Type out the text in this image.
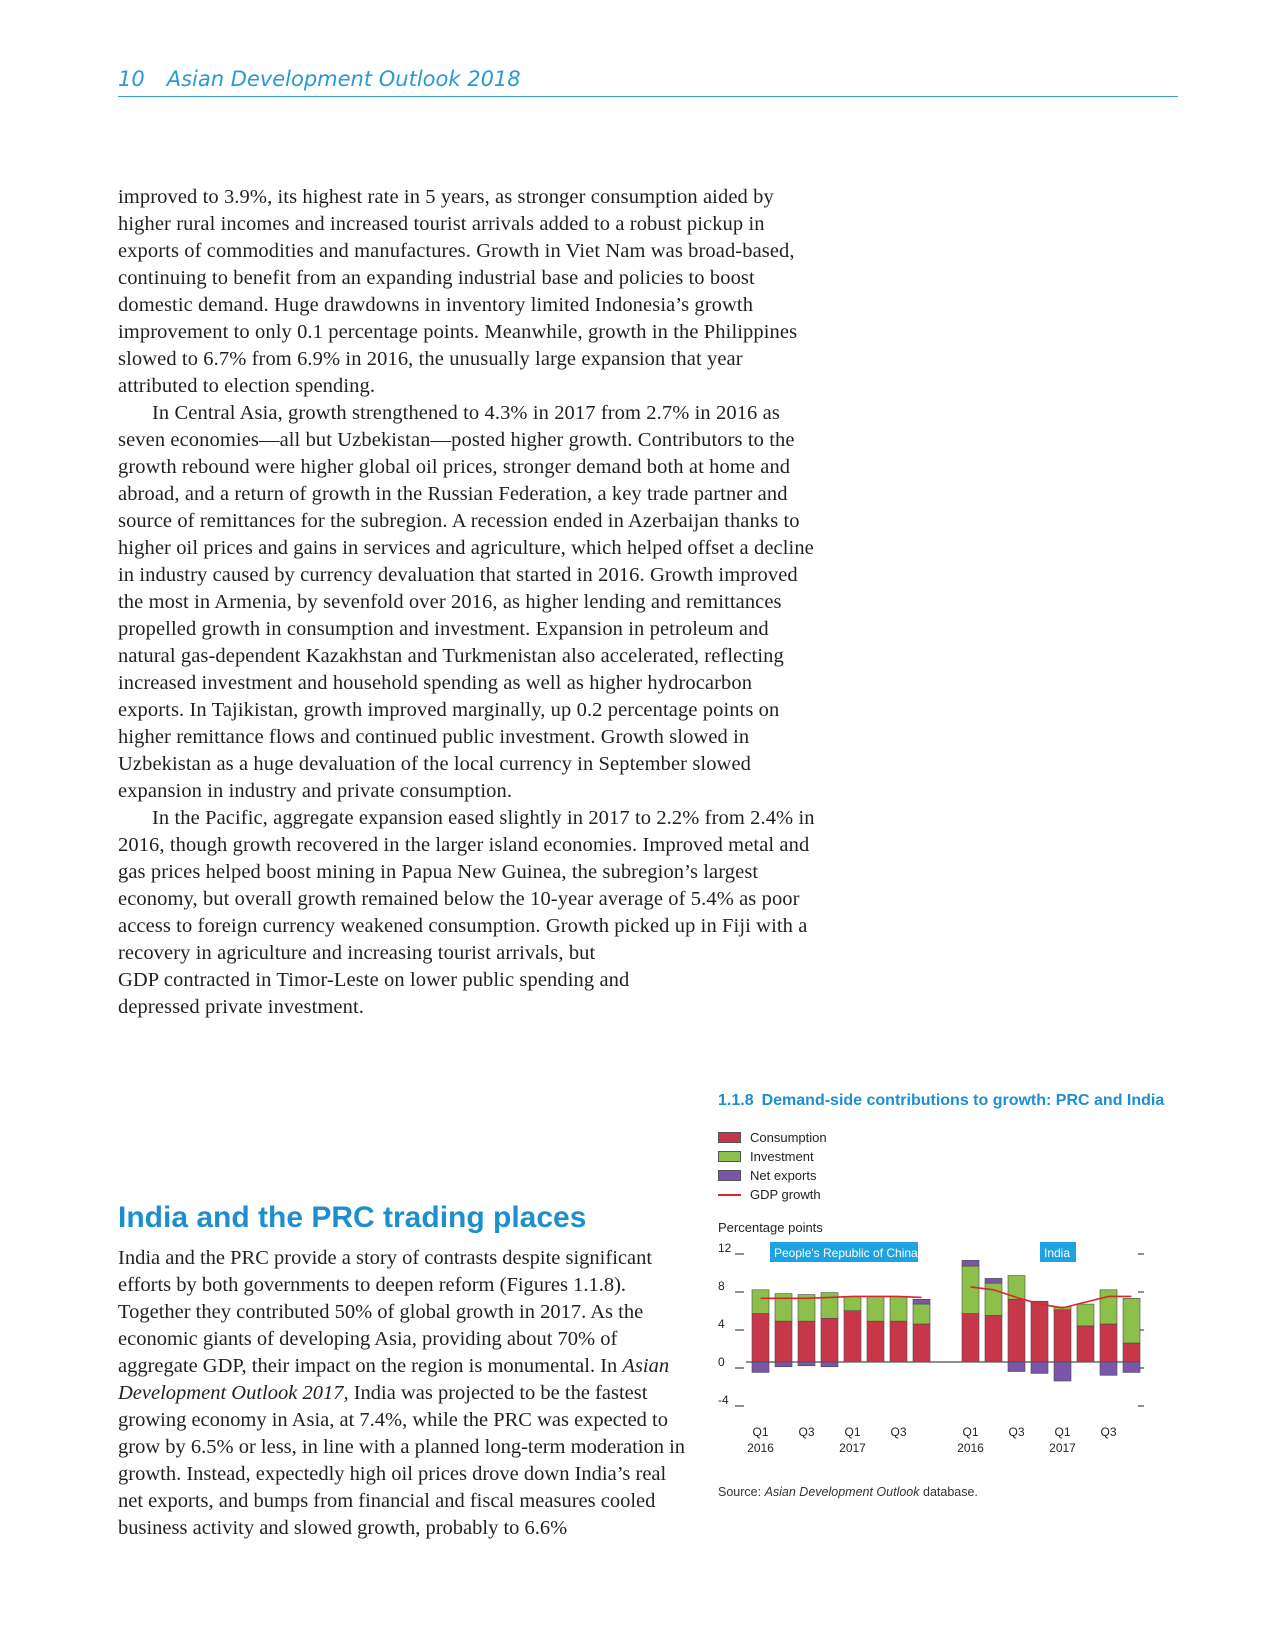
10 Asian Development Outlook 2018

improved to 3.9%, its highest rate in 5 years, as stronger consumption aided by higher rural incomes and increased tourist arrivals added to a robust pickup in exports of commodities and manufactures. Growth in Viet Nam was broad-based, continuing to benefit from an expanding industrial base and policies to boost domestic demand. Huge drawdowns in inventory limited Indonesia’s growth improvement to only 0.1 percentage points. Meanwhile, growth in the Philippines slowed to 6.7% from 6.9% in 2016, the unusually large expansion that year attributed to election spending.

In Central Asia, growth strengthened to 4.3% in 2017 from 2.7% in 2016 as seven economies—all but Uzbekistan—posted higher growth. Contributors to the growth rebound were higher global oil prices, stronger demand both at home and abroad, and a return of growth in the Russian Federation, a key trade partner and source of remittances for the subregion. A recession ended in Azerbaijan thanks to higher oil prices and gains in services and agriculture, which helped offset a decline in industry caused by currency devaluation that started in 2016. Growth improved the most in Armenia, by sevenfold over 2016, as higher lending and remittances propelled growth in consumption and investment. Expansion in petroleum and natural gas-dependent Kazakhstan and Turkmenistan also accelerated, reflecting increased investment and household spending as well as higher hydrocarbon exports. In Tajikistan, growth improved marginally, up 0.2 percentage points on higher remittance flows and continued public investment. Growth slowed in Uzbekistan as a huge devaluation of the local currency in September slowed expansion in industry and private consumption.

In the Pacific, aggregate expansion eased slightly in 2017 to 2.2% from 2.4% in 2016, though growth recovered in the larger island economies. Improved metal and gas prices helped boost mining in Papua New Guinea, the subregion’s largest economy, but overall growth remained below the 10-year average of 5.4% as poor access to foreign currency weakened consumption. Growth picked up in Fiji with a recovery in agriculture and increasing tourist arrivals, but

GDP contracted in Timor-Leste on lower public spending and depressed private investment.

India and the PRC trading places

India and the PRC provide a story of contrasts despite significant efforts by both governments to deepen reform (Figures 1.1.8). Together they contributed 50% of global growth in 2017. As the economic giants of developing Asia, providing about 70% of aggregate GDP, their impact on the region is monumental. In Asian Development Outlook 2017, India was projected to be the fastest growing economy in Asia, at 7.4%, while the PRC was expected to grow by 6.5% or less, in line with a planned long-term moderation in growth. Instead, expectedly high oil prices drove down India’s real net exports, and bumps from financial and fiscal measures cooled business activity and slowed growth, probably to 6.6%

1.1.8 Demand-side contributions to growth: PRC and India
Consumption
Investment
Net exports
GDP growth
Percentage points
12
8
4
0
-4
People's Republic of China
Q1
2016
Q3 Q1
2017
Q3
India
Q1
2016
Q3 Q1
2017
Q3
Source: Asian Development Outlook database.
